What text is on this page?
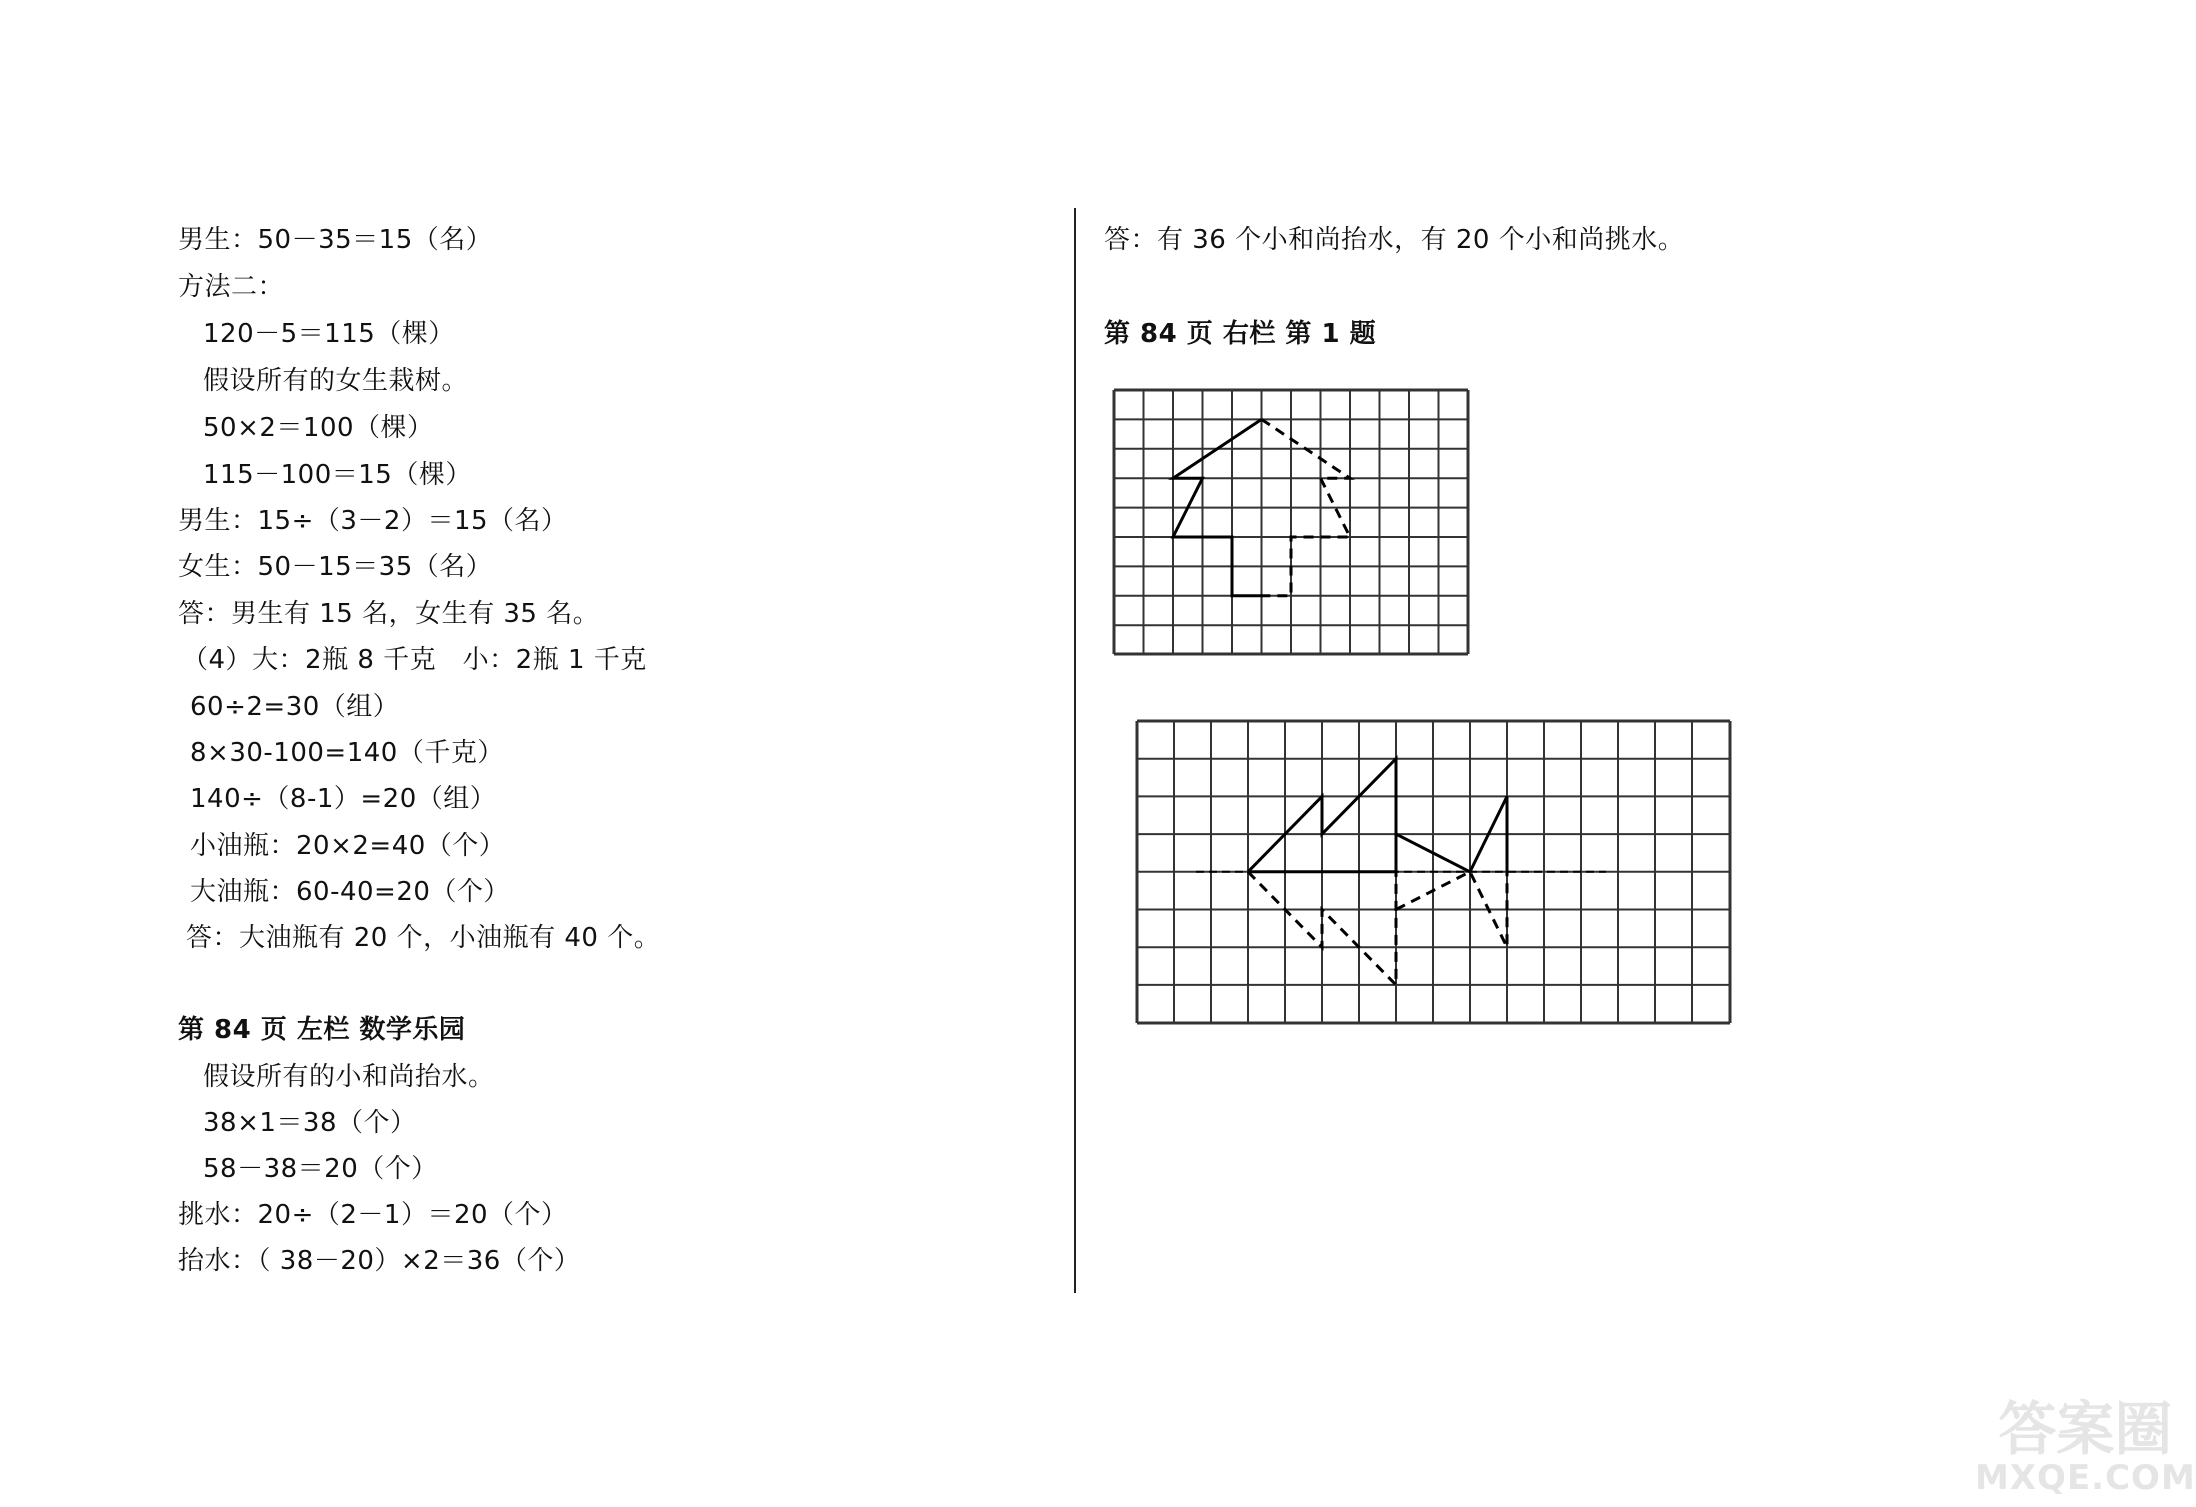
男生：50－35＝15（名）
方法二：
120－5＝115（棵）
假设所有的女生栽树。
50×2＝100（棵）
115－100＝15（棵）
男生：15÷（3－2）＝15（名）
女生：50－15＝35（名）
答：男生有 15 名，女生有 35 名。
（4）大：2瓶 8 千克　小：2瓶 1 千克
60÷2=30（组）
8×30-100=140（千克）
140÷（8-1）=20（组）
小油瓶：20×2=40（个）
大油瓶：60-40=20（个）
答：大油瓶有 20 个，小油瓶有 40 个。
第 84 页 左栏 数学乐园
假设所有的小和尚抬水。
38×1＝38（个）
58－38＝20（个）
挑水：20÷（2－1）＝20（个）
抬水：（ 38－20）×2＝36（个）
答：有 36 个小和尚抬水，有 20 个小和尚挑水。
第 84 页 右栏 第 1 题
答案圈
MXQE.COM
